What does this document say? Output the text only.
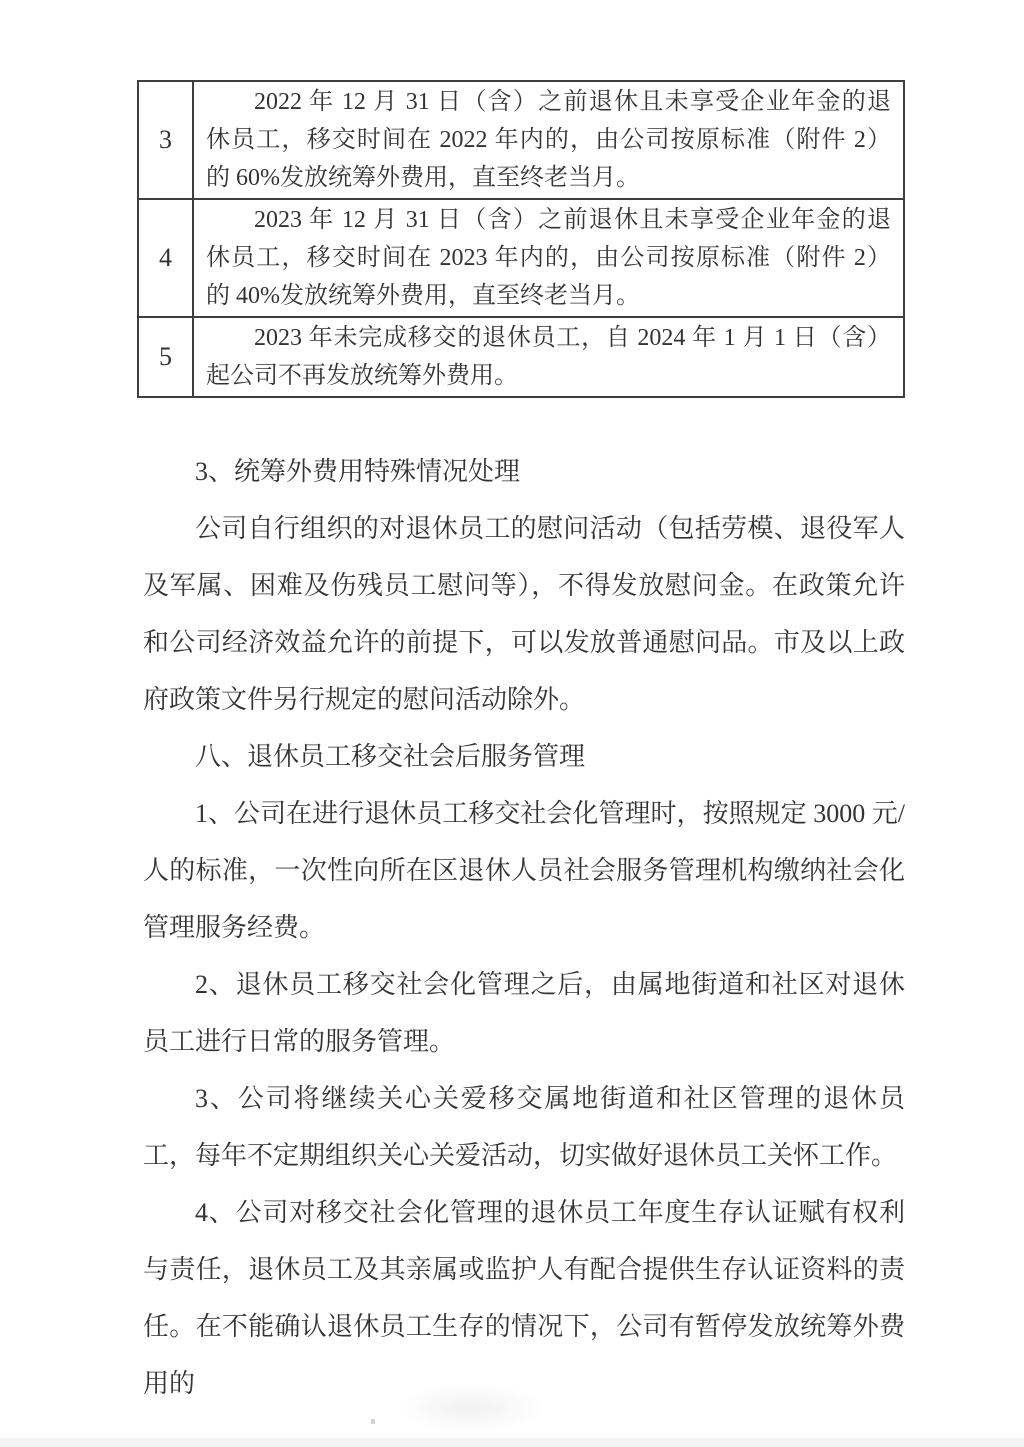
3	2022 年 12 月 31 日（含）之前退休且未享受企业年金的退
休员工，移交时间在 2022 年内的，由公司按原标准（附件 2）
的 60%发放统筹外费用，直至终老当月。

4	2023 年 12 月 31 日（含）之前退休且未享受企业年金的退
休员工，移交时间在 2023 年内的，由公司按原标准（附件 2）
的 40%发放统筹外费用，直至终老当月。

5	2023 年未完成移交的退休员工，自 2024 年 1 月 1 日（含）
起公司不再发放统筹外费用。

3、统筹外费用特殊情况处理

公司自行组织的对退休员工的慰问活动（包括劳模、退役军人及军属、困难及伤残员工慰问等），不得发放慰问金。在政策允许和公司经济效益允许的前提下，可以发放普通慰问品。市及以上政府政策文件另行规定的慰问活动除外。

八、退休员工移交社会后服务管理

1、公司在进行退休员工移交社会化管理时，按照规定 3000 元/人的标准，一次性向所在区退休人员社会服务管理机构缴纳社会化管理服务经费。

2、退休员工移交社会化管理之后，由属地街道和社区对退休员工进行日常的服务管理。

3、公司将继续关心关爱移交属地街道和社区管理的退休员工，每年不定期组织关心关爱活动，切实做好退休员工关怀工作。

4、公司对移交社会化管理的退休员工年度生存认证赋有权利与责任，退休员工及其亲属或监护人有配合提供生存认证资料的责任。在不能确认退休员工生存的情况下，公司有暂停发放统筹外费用的
